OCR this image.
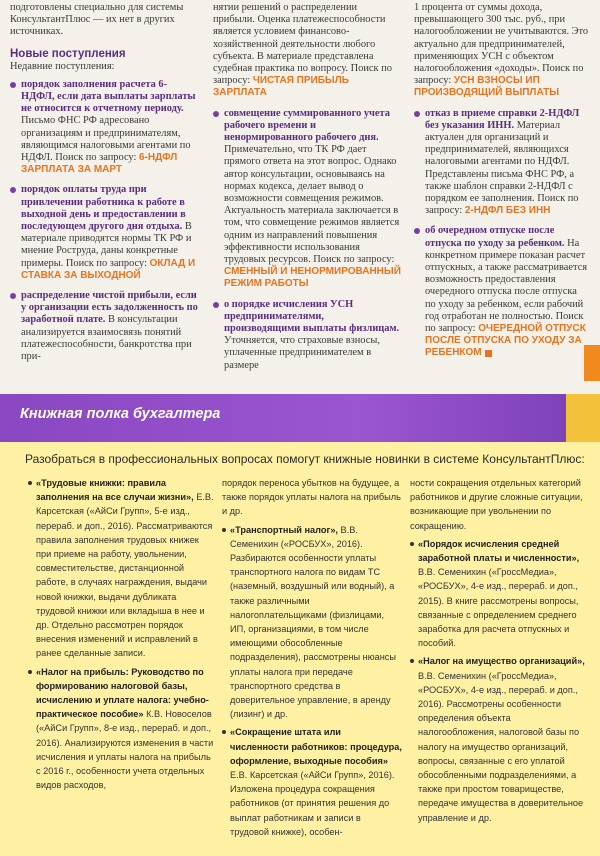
подготовлены специально для системы КонсультантПлюс — их нет в других источниках.
Новые поступления
Недавние поступления:
порядок заполнения расчета 6-НДФЛ, если дата выплаты зарплаты не относится к отчетному периоду. Письмо ФНС РФ адресовано организациям и предпринимателям, являющимся налоговыми агентами по НДФЛ. Поиск по запросу: 6-НДФЛ ЗАРПЛАТА ЗА МАРТ
порядок оплаты труда при привлечении работника к работе в выходной день и предоставлении в последующем другого дня отдыха. В материале приводятся нормы ТК РФ и мнение Роструда, даны конкретные примеры. Поиск по запросу: ОКЛАД И СТАВКА ЗА ВЫХОДНОЙ
распределение чистой прибыли, если у организации есть задолженность по заработной плате. В консультации анализируется взаимосвязь понятий платежеспособности, банкротства при при-
нятии решений о распределении прибыли. Оценка платежеспособности является условием финансово-хозяйственной деятельности любого субъекта. В материале представлена судебная практика по вопросу. Поиск по запросу: ЧИСТАЯ ПРИБЫЛЬ ЗАРПЛАТА
совмещение суммированного учета рабочего времени и ненормированного рабочего дня. Примечательно, что ТК РФ дает прямого ответа на этот вопрос. Однако автор консультации, основываясь на нормах кодекса, делает вывод о возможности совмещения режимов. Актуальность материала заключается в том, что совмещение режимов является одним из направлений повышения эффективности использования трудовых ресурсов. Поиск по запросу: СМЕННЫЙ И НЕНОРМИРОВАННЫЙ РЕЖИМ РАБОТЫ
о порядке исчисления УСН предпринимателями, производящими выплаты физлицам. Уточняется, что страховые взносы, уплаченные предпринимателем в размере
1 процента от суммы дохода, превышающего 300 тыс. руб., при налогообложении не учитываются. Это актуально для предпринимателей, применяющих УСН с объектом налогообложения «доходы». Поиск по запросу: УСН ВЗНОСЫ ИП ПРОИЗВОДЯЩИЙ ВЫПЛАТЫ
отказ в приеме справки 2-НДФЛ без указания ИНН. Материал актуален для организаций и предпринимателей, являющихся налоговыми агентами по НДФЛ. Представлены письма ФНС РФ, а также шаблон справки 2-НДФЛ с порядком ее заполнения. Поиск по запросу: 2-НДФЛ БЕЗ ИНН
об очередном отпуске после отпуска по уходу за ребенком. На конкретном примере показан расчет отпускных, а также рассматривается возможность предоставления очередного отпуска после отпуска по уходу за ребенком, если рабочий год отработан не полностью. Поиск по запросу: ОЧЕРЕДНОЙ ОТПУСК ПОСЛЕ ОТПУСКА ПО УХОДУ ЗА РЕБЕНКОМ
Книжная полка бухгалтера
Разобраться в профессиональных вопросах помогут книжные новинки в системе КонсультантПлюс:
«Трудовые книжки: правила заполнения на все случаи жизни», Е.В. Карсетская («АйСи Групп», 5-е изд., перераб. и доп., 2016). Рассматриваются правила заполнения трудовых книжек при приеме на работу, увольнении, совместительстве, дистанционной работе, в случаях награждения, выдачи новой книжки, выдачи дубликата трудовой книжки или вкладыша в нее и др. Отдельно рассмотрен порядок внесения изменений и исправлений в ранее сделанные записи.
«Налог на прибыль: Руководство по формированию налоговой базы, исчислению и уплате налога: учебно-практическое пособие» К.В. Новоселов («АйСи Групп», 8-е изд., перераб. и доп., 2016). Анализируются изменения в части исчисления и уплаты налога на прибыль с 2016 г., особенности учета отдельных видов расходов,
порядок переноса убытков на будущее, а также порядок уплаты налога на прибыль и др.
«Транспортный налог», В.В. Семенихин («РОСБУХ», 2016). Разбираются особенности уплаты транспортного налога по видам ТС (наземный, воздушный или водный), а также различными налогоплательщиками (физлицами, ИП, организациями, в том числе имеющими обособленные подразделения), рассмотрены нюансы уплаты налога при передаче транспортного средства в доверительное управление, в аренду (лизинг) и др.
«Сокращение штата или численности работников: процедура, оформление, выходные пособия» Е.В. Карсетская («АйСи Групп», 2016). Изложена процедура сокращения работников (от принятия решения до выплат работникам и записи в трудовой книжке), особен-
ности сокращения отдельных категорий работников и другие сложные ситуации, возникающие при увольнении по сокращению.
«Порядок исчисления средней заработной платы и численности», В.В. Семенихин («ГроссМедиа», «РОСБУХ», 4-е изд., перераб. и доп., 2015). В книге рассмотрены вопросы, связанные с определением среднего заработка для расчета отпускных и пособий.
«Налог на имущество организаций», В.В. Семенихин («ГроссМедиа», «РОСБУХ», 4-е изд., перераб. и доп., 2016). Рассмотрены особенности определения объекта налогообложения, налоговой базы по налогу на имущество организаций, вопросы, связанные с его уплатой обособленными подразделениями, а также при простом товариществе, передаче имущества в доверительное управление и др.
